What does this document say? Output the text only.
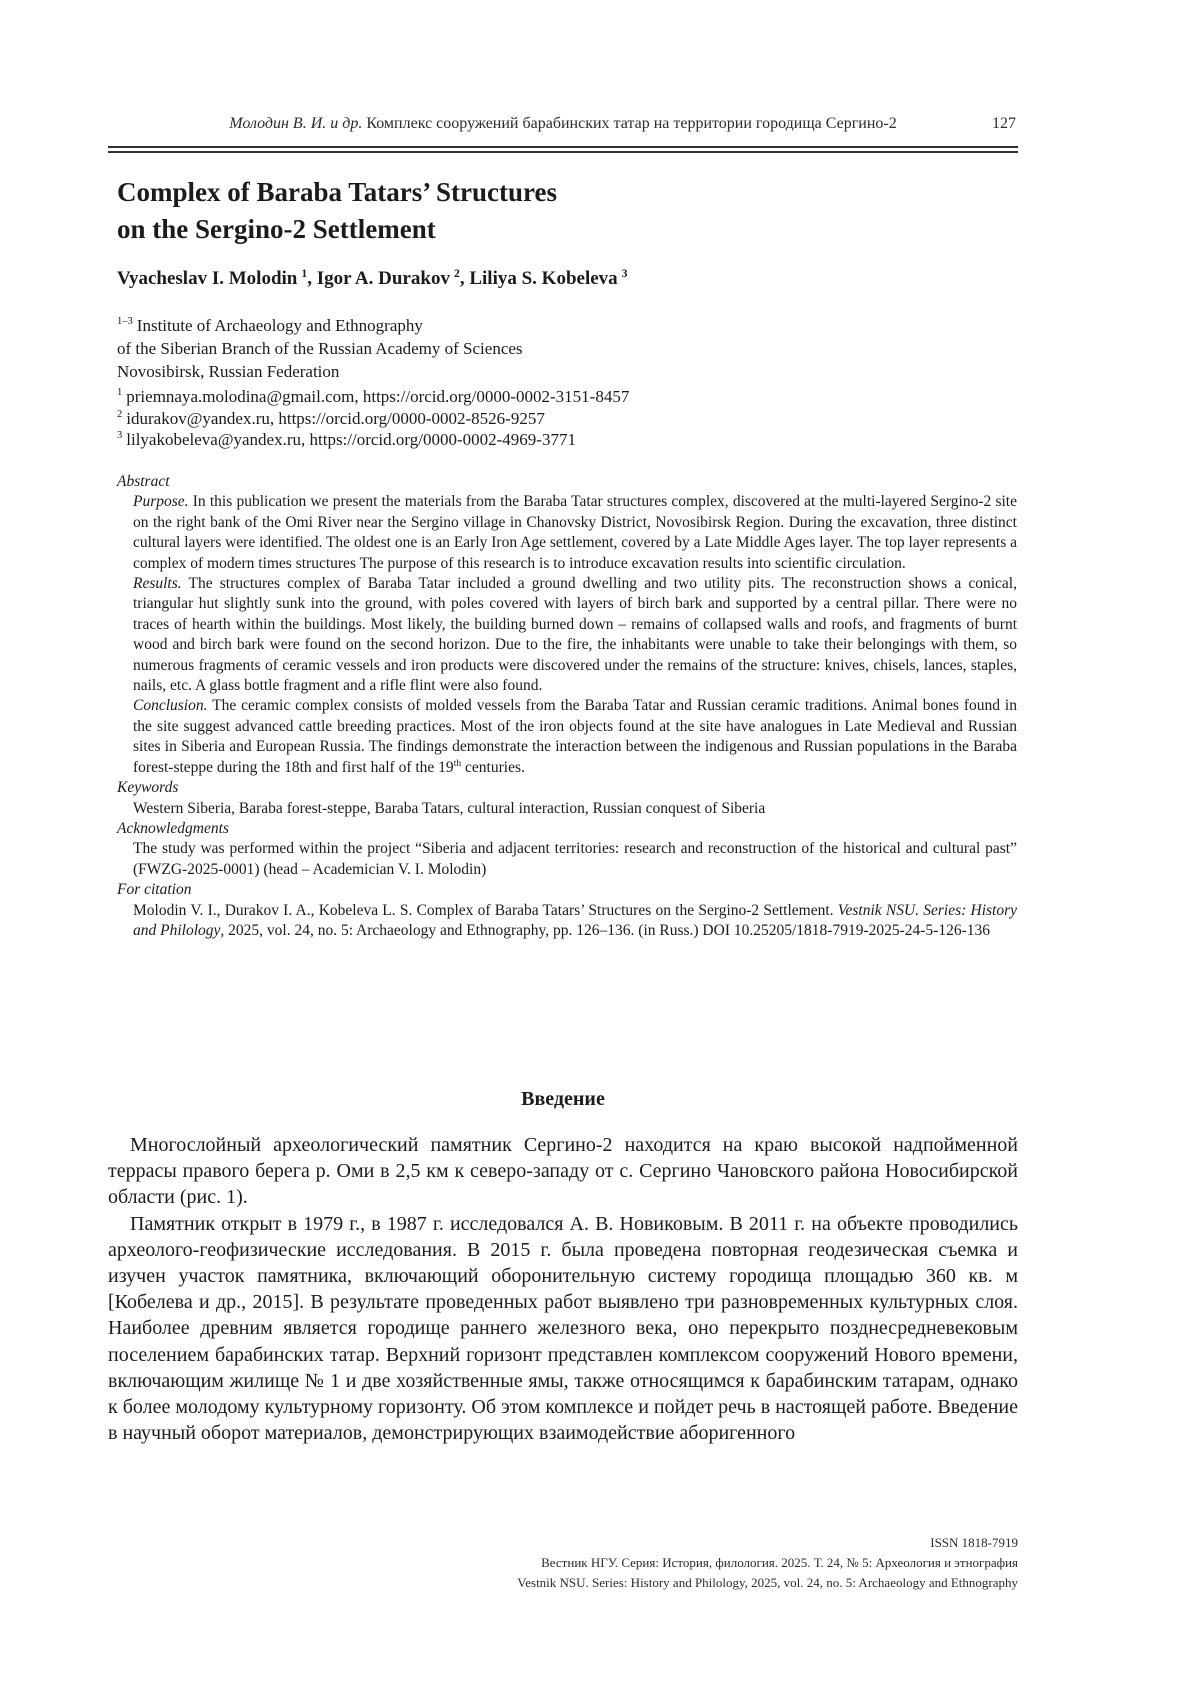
Молодин В. И. и др. Комплекс сооружений барабинских татар на территории городища Сергино-2	127
Complex of Baraba Tatars’ Structures
on the Sergino-2 Settlement

Vyacheslav I. Molodin $^1$, Igor A. Durakov $^2$, Liliya S. Kobeleva $^3$

$^{1-3}$ Institute of Archaeology and Ethnography
of the Siberian Branch of the Russian Academy of Sciences
Novosibirsk, Russian Federation

$^1$ priemnaya.molodina@gmail.com, https://orcid.org/0000-0002-3151-8457
$^2$ idurakov@yandex.ru, https://orcid.org/0000-0002-8526-9257
$^3$ lilyakobeleva@yandex.ru, https://orcid.org/0000-0002-4969-3771

Abstract

Purpose. In this publication we present the materials from the Baraba Tatar structures complex, discovered at the multi-layered Sergino-2 site on the right bank of the Omi River near the Sergino village in Chanovsky District, Novosibirsk Region. During the excavation, three distinct cultural layers were identified. The oldest one is an Early Iron Age settlement, covered by a Late Middle Ages layer. The top layer represents a complex of modern times structures The purpose of this research is to introduce excavation results into scientific circulation.

Results. The structures complex of Baraba Tatar included a ground dwelling and two utility pits. The reconstruction shows a conical, triangular hut slightly sunk into the ground, with poles covered with layers of birch bark and supported by a central pillar. There were no traces of hearth within the buildings. Most likely, the building burned down – remains of collapsed walls and roofs, and fragments of burnt wood and birch bark were found on the second horizon. Due to the fire, the inhabitants were unable to take their belongings with them, so numerous fragments of ceramic vessels and iron products were discovered under the remains of the structure: knives, chisels, lances, staples, nails, etc. A glass bottle fragment and a rifle flint were also found.

Conclusion. The ceramic complex consists of molded vessels from the Baraba Tatar and Russian ceramic traditions. Animal bones found in the site suggest advanced cattle breeding practices. Most of the iron objects found at the site have analogues in Late Medieval and Russian sites in Siberia and European Russia. The findings demonstrate the interaction between the indigenous and Russian populations in the Baraba forest-steppe during the 18th and first half of the 19th centuries.

Keywords

Western Siberia, Baraba forest-steppe, Baraba Tatars, cultural interaction, Russian conquest of Siberia

Acknowledgments

The study was performed within the project “Siberia and adjacent territories: research and reconstruction of the historical and cultural past” (FWZG-2025-0001) (head – Academician V. I. Molodin)

For citation

Molodin V. I., Durakov I. A., Kobeleva L. S. Complex of Baraba Tatars’ Structures on the Sergino-2 Settlement. Vestnik NSU. Series: History and Philology, 2025, vol. 24, no. 5: Archaeology and Ethnography, pp. 126–136. (in Russ.) DOI 10.25205/1818-7919-2025-24-5-126-136

Введение

Многослойный археологический памятник Сергино-2 находится на краю высокой надпойменной террасы правого берега р. Оми в 2,5 км к северо-западу от с. Сергино Чановского района Новосибирской области (рис. 1).

Памятник открыт в 1979 г., в 1987 г. исследовался А. В. Новиковым. В 2011 г. на объекте проводились археолого-геофизические исследования. В 2015 г. была проведена повторная геодезическая съемка и изучен участок памятника, включающий оборонительную систему городища площадью 360 кв. м [Кобелева и др., 2015]. В результате проведенных работ выявлено три разновременных культурных слоя. Наиболее древним является городище раннего железного века, оно перекрыто позднесредневековым поселением барабинских татар. Верхний горизонт представлен комплексом сооружений Нового времени, включающим жилище № 1 и две хозяйственные ямы, также относящимся к барабинским татарам, однако к более молодому культурному горизонту. Об этом комплексе и пойдет речь в настоящей работе. Введение в научный оборот материалов, демонстрирующих взаимодействие аборигенного

ISSN 1818-7919
Вестник НГУ. Серия: История, филология. 2025. Т. 24, № 5: Археология и этнография
Vestnik NSU. Series: History and Philology, 2025, vol. 24, no. 5: Archaeology and Ethnography
